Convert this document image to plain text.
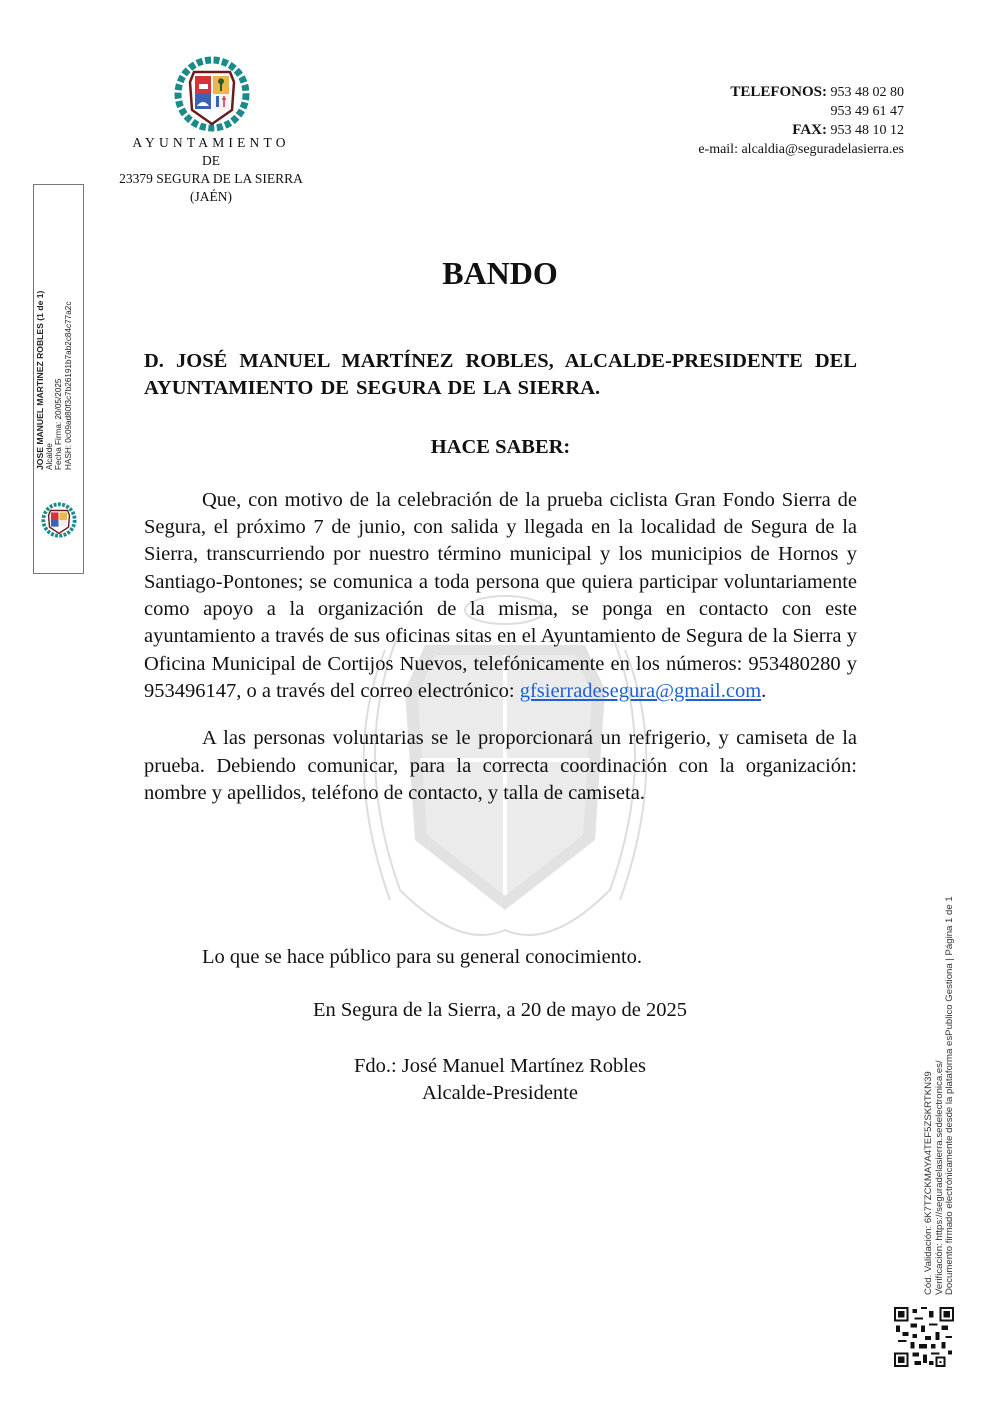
AYUNTAMIENTO
DE
23379 SEGURA DE LA SIERRA
(JAÉN)
TELEFONOS: 953 48 02 80
953 49 61 47
FAX: 953 48 10 12
e-mail: alcaldia@seguradelasierra.es
JOSE MANUEL MARTINEZ ROBLES (1 de 1) Alcalde Fecha Firma: 20/05/2025 HASH: 0c09ad80f3c7b26191b7ab2c84c77a2c
BANDO

D. JOSÉ MANUEL MARTÍNEZ ROBLES, ALCALDE-PRESIDENTE DEL AYUNTAMIENTO DE SEGURA DE LA SIERRA.

HACE SABER:

Que, con motivo de la celebración de la prueba ciclista Gran Fondo Sierra de Segura, el próximo 7 de junio, con salida y llegada en la localidad de Segura de la Sierra, transcurriendo por nuestro término municipal y los municipios de Hornos y Santiago-Pontones; se comunica a toda persona que quiera participar voluntariamente como apoyo a la organización de la misma, se ponga en contacto con este ayuntamiento a través de sus oficinas sitas en el Ayuntamiento de Segura de la Sierra y Oficina Municipal de Cortijos Nuevos, telefónicamente en los números: 953480280 y 953496147, o a través del correo electrónico: gfsierradesegura@gmail.com.

A las personas voluntarias se le proporcionará un refrigerio, y camiseta de la prueba. Debiendo comunicar, para la correcta coordinación con la organización: nombre y apellidos, teléfono de contacto, y talla de camiseta.

Lo que se hace público para su general conocimiento.
En Segura de la Sierra, a 20 de mayo de 2025
Fdo.: José Manuel Martínez Robles
Alcalde-Presidente	Cód. Validación: 6K7TZCKMAYA4TEF5ZSKRTKN39 Verificación: https://seguradelasierra.sedelectronica.es/ Documento firmado electrónicamente desde la plataforma esPublico Gestiona | Página 1 de 1
